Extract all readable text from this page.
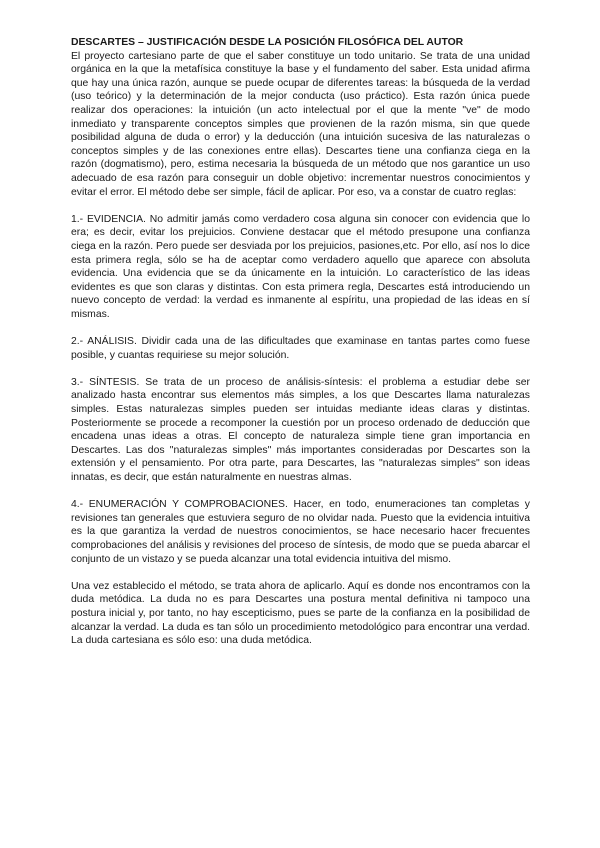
DESCARTES – JUSTIFICACIÓN DESDE LA POSICIÓN FILOSÓFICA DEL AUTOR

El proyecto cartesiano parte de que el saber constituye un todo unitario. Se trata de una unidad orgánica en la que la metafísica constituye la base y el fundamento del saber. Esta unidad afirma que hay una única razón, aunque se puede ocupar de diferentes tareas: la búsqueda de la verdad (uso teórico) y la determinación de la mejor conducta (uso práctico). Esta razón única puede realizar dos operaciones: la intuición (un acto intelectual por el que la mente "ve" de modo inmediato y transparente conceptos simples que provienen de la razón misma, sin que quede posibilidad alguna de duda o error) y la deducción (una intuición sucesiva de las naturalezas o conceptos simples y de las conexiones entre ellas). Descartes tiene una confianza ciega en la razón (dogmatismo), pero, estima necesaria la búsqueda de un método que nos garantice un uso adecuado de esa razón para conseguir un doble objetivo: incrementar nuestros conocimientos y evitar el error. El método debe ser simple, fácil de aplicar. Por eso, va a constar de cuatro reglas:

1.- EVIDENCIA. No admitir jamás como verdadero cosa alguna sin conocer con evidencia que lo era; es decir, evitar los prejuicios. Conviene destacar que el método presupone una confianza ciega en la razón. Pero puede ser desviada por los prejuicios, pasiones,etc. Por ello, así nos lo dice esta primera regla, sólo se ha de aceptar como verdadero aquello que aparece con absoluta evidencia. Una evidencia que se da únicamente en la intuición. Lo característico de las ideas evidentes es que son claras y distintas. Con esta primera regla, Descartes está introduciendo un nuevo concepto de verdad: la verdad es inmanente al espíritu, una propiedad de las ideas en sí mismas.

2.- ANÁLISIS. Dividir cada una de las dificultades que examinase en tantas partes como fuese posible, y cuantas requiriese su mejor solución.

3.- SÍNTESIS. Se trata de un proceso de análisis-síntesis: el problema a estudiar debe ser analizado hasta encontrar sus elementos más simples, a los que Descartes llama naturalezas simples. Estas naturalezas simples pueden ser intuidas mediante ideas claras y distintas. Posteriormente se procede a recomponer la cuestión por un proceso ordenado de deducción que encadena unas ideas a otras. El concepto de naturaleza simple tiene gran importancia en Descartes. Las dos "naturalezas simples" más importantes consideradas por Descartes son la extensión y el pensamiento. Por otra parte, para Descartes, las "naturalezas simples" son ideas innatas, es decir, que están naturalmente en nuestras almas.

4.- ENUMERACIÓN Y COMPROBACIONES. Hacer, en todo, enumeraciones tan completas y revisiones tan generales que estuviera seguro de no olvidar nada. Puesto que la evidencia intuitiva es la que garantiza la verdad de nuestros conocimientos, se hace necesario hacer frecuentes comprobaciones del análisis y revisiones del proceso de síntesis, de modo que se pueda abarcar el conjunto de un vistazo y se pueda alcanzar una total evidencia intuitiva del mismo.

Una vez establecido el método, se trata ahora de aplicarlo. Aquí es donde nos encontramos con la duda metódica. La duda no es para Descartes una postura mental definitiva ni tampoco una postura inicial y, por tanto, no hay escepticismo, pues se parte de la confianza en la posibilidad de alcanzar la verdad. La duda es tan sólo un procedimiento metodológico para encontrar una verdad. La duda cartesiana es sólo eso: una duda metódica.
